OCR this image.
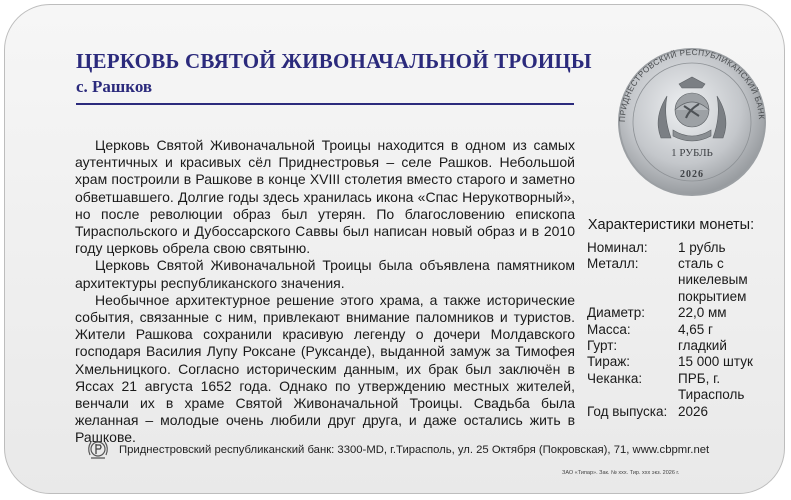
ЦЕРКОВЬ СВЯТОЙ ЖИВОНАЧАЛЬНОЙ ТРОИЦЫ
с. Рашков

Церковь Святой Живоначальной Троицы находится в одном из самых аутентичных и красивых сёл Приднестровья – селе Рашков. Небольшой храм построили в Рашкове в конце XVIII столетия вместо старого и заметно обветшавшего. Долгие годы здесь хранилась икона «Спас Нерукотворный», но после революции образ был утерян. По благословению епископа Тираспольского и Дубоссарского Саввы был написан новый образ и в 2010 году церковь обрела свою святыню.

Церковь Святой Живоначальной Троицы была объявлена памятником архитектуры республиканского значения.

Необычное архитектурное решение этого храма, а также исторические события, связанные с ним, привлекают внимание паломников и туристов. Жители Рашкова сохранили красивую легенду о дочери Молдавского господаря Василия Лупу Роксане (Руксанде), выданной замуж за Тимофея Хмельницкого. Согласно историческим данным, их брак был заключён в Яссах 21 августа 1652 года. Однако по утверждению местных жителей, венчали их в храме Святой Живоначальной Троицы. Свадьба была желанная – молодые очень любили друг друга, и даже остались жить в Рашкове.

ПРИДНЕСТРОВСКИЙ РЕСПУБЛИКАНСКИЙ БАНК
1 РУБЛЬ
2026
Характеристики монеты:
Номинал:	1 рубль
Металл:	сталь с никелевым покрытием
Диаметр:	22,0 мм
Масса:	4,65 г
Гурт:	гладкий
Тираж:	15 000 штук
Чеканка:	ПРБ, г. Тирасполь
Год выпуска: 2026
Приднестровский республиканский банк: 3300-MD, г.Тирасполь, ул. 25 Октября (Покровская), 71, www.cbpmr.net
ЗАО «Типар». Зак. № ххх. Тир. ххх экз. 2026 г.
